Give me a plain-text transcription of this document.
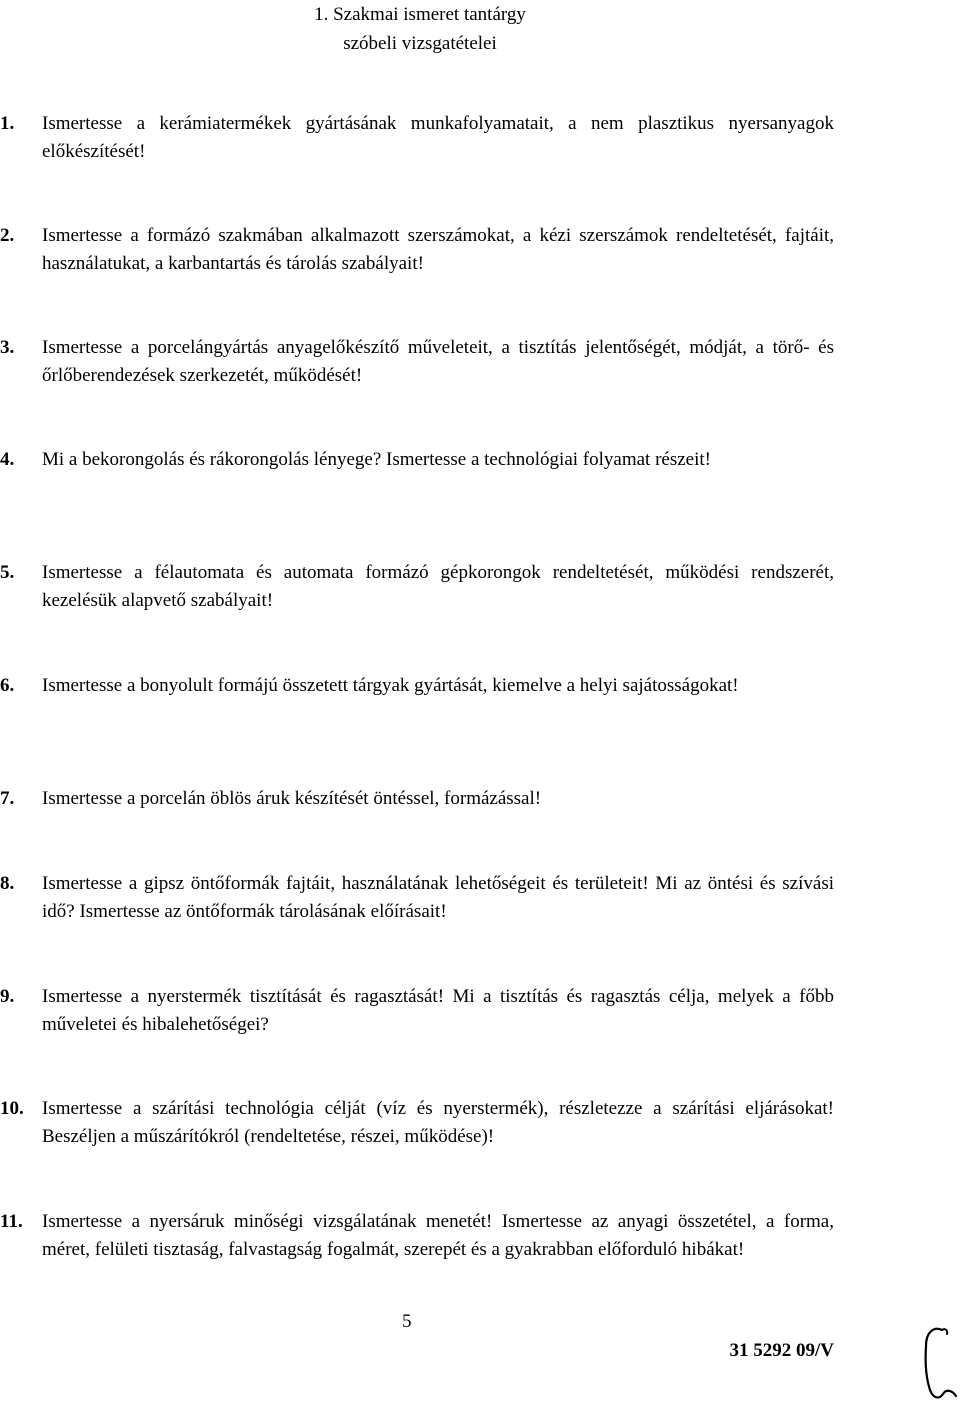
1. Szakmai ismeret tantárgy
szóbeli vizsgatételei
1. Ismertesse a kerámiatermékek gyártásának munkafolyamatait, a nem plasztikus nyersanyagok előkészítését!
2. Ismertesse a formázó szakmában alkalmazott szerszámokat, a kézi szerszámok rendeltetését, fajtáit, használatukat, a karbantartás és tárolás szabályait!
3. Ismertesse a porcelángyártás anyagelőkészítő műveleteit, a tisztítás jelentőségét, módját, a törő- és őrlőberendezések szerkezetét, működését!
4. Mi a bekorongolás és rákorongolás lényege? Ismertesse a technológiai folyamat részeit!
5. Ismertesse a félautomata és automata formázó gépkorongok rendeltetését, működési rendszerét, kezelésük alapvető szabályait!
6. Ismertesse a bonyolult formájú összetett tárgyak gyártását, kiemelve a helyi sajátosságokat!
7. Ismertesse a porcelán öblös áruk készítését öntéssel, formázással!
8. Ismertesse a gipsz öntőformák fajtáit, használatának lehetőségeit és területeit! Mi az öntési és szívási idő? Ismertesse az öntőformák tárolásának előírásait!
9. Ismertesse a nyerstermék tisztítását és ragasztását! Mi a tisztítás és ragasztás célja, melyek a főbb műveletei és hibalehetőségei?
10. Ismertesse a szárítási technológia célját (víz és nyerstermék), részletezze a szárítási eljárásokat! Beszéljen a műszárítókról (rendeltetése, részei, működése)!
11. Ismertesse a nyersáruk minőségi vizsgálatának menetét! Ismertesse az anyagi összetétel, a forma, méret, felületi tisztaság, falvastagság fogalmát, szerepét és a gyakrabban előforduló hibákat!
5
31 5292 09/V
